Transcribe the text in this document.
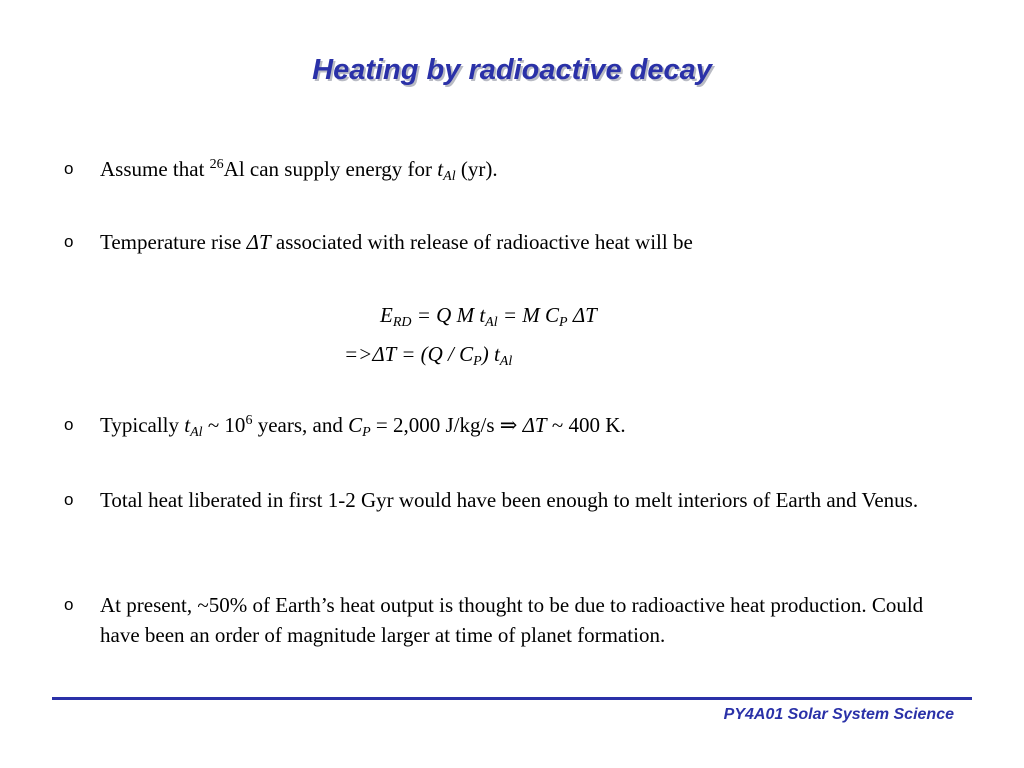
Heating by radioactive decay
o Assume that $^{26}$Al can supply energy for $t_{Al}$ (yr).
o Temperature rise ΔT associated with release of radioactive heat will be
$E_{RD} = Q$ M $t_{Al} = M$ $C_P$ ΔT
$=>\Delta T = (Q / C_P)$ $t_{Al}$
o Typically $t_{Al}$ ~ $10^6$ years, and $C_P = 2,000$ J/kg/s ⇒ ΔT ~ 400 K.
o Total heat liberated in first 1-2 Gyr would have been enough to melt interiors of Earth and Venus.
o At present, ~50% of Earth’s heat output is thought to be due to radioactive heat production. Could have been an order of magnitude larger at time of planet formation.
PY4A01 Solar System Science
